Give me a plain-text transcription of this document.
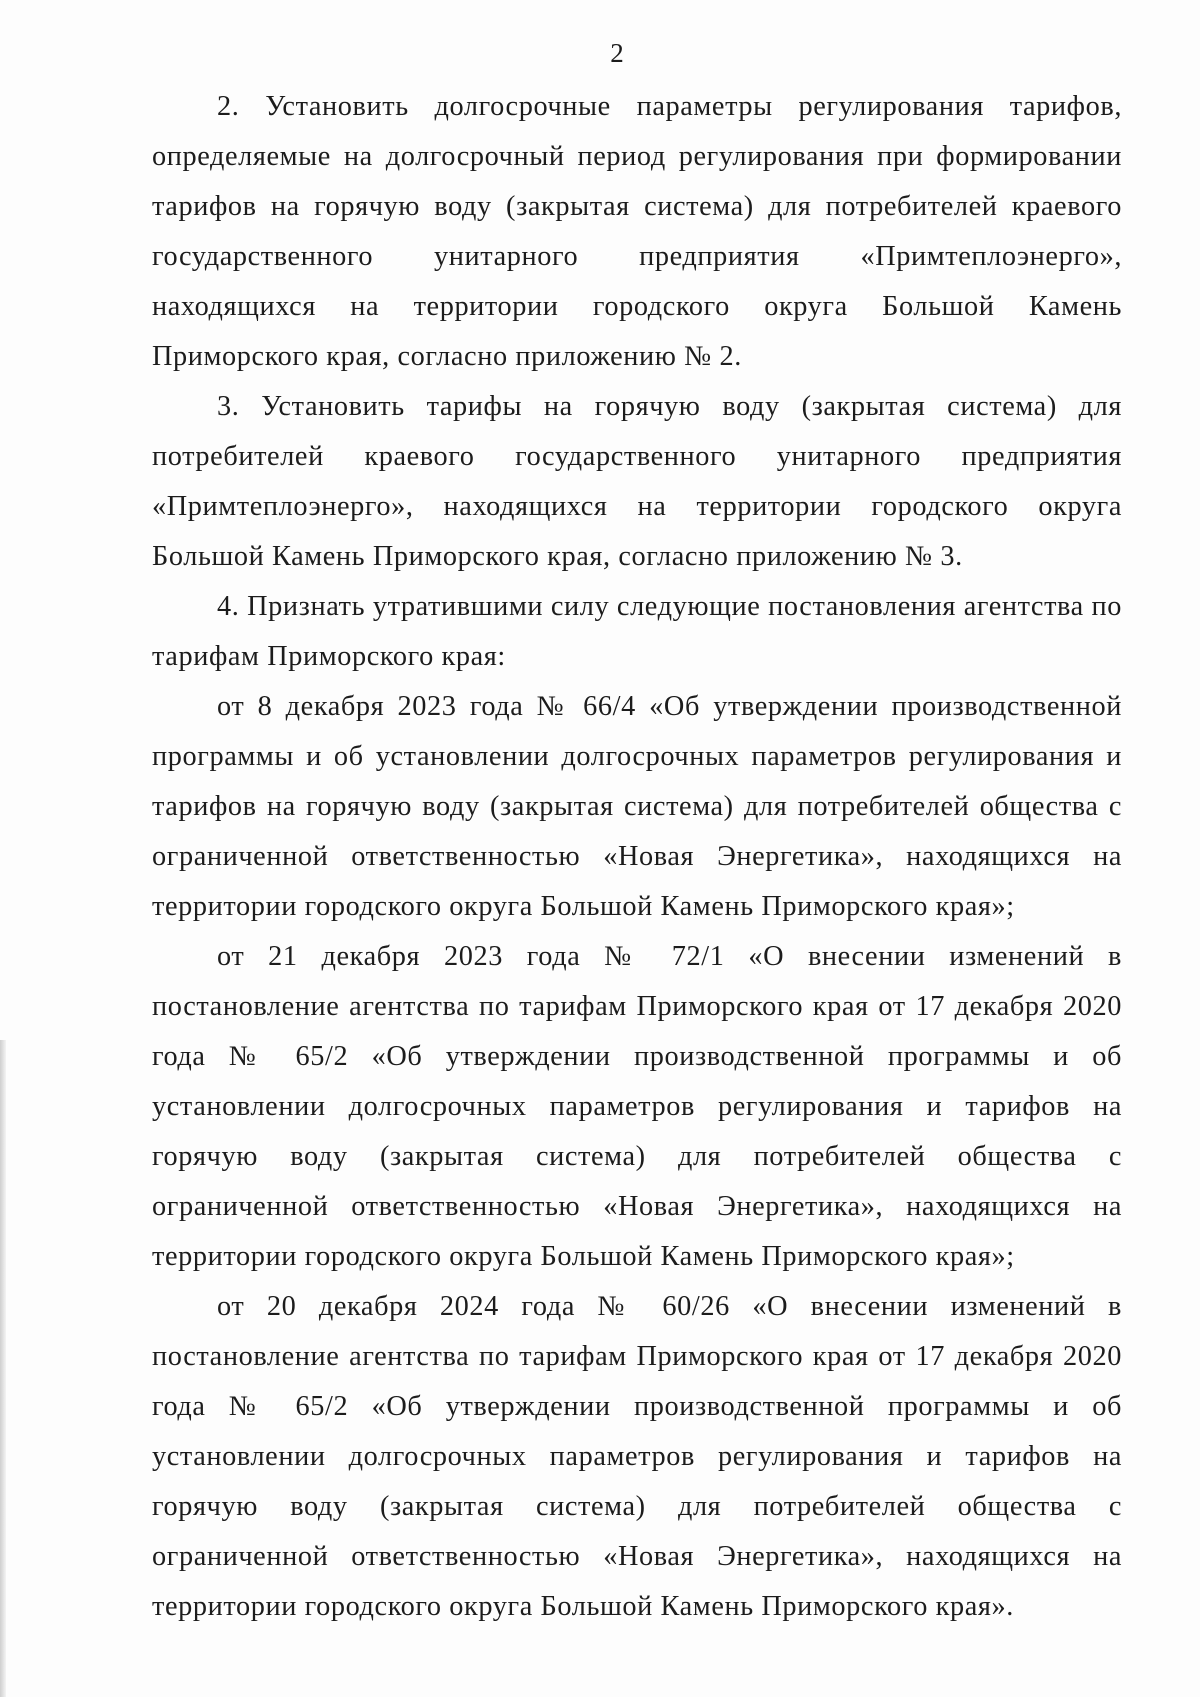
2

2. Установить долгосрочные параметры регулирования тарифов, определяемые на долгосрочный период регулирования при формировании тарифов на горячую воду (закрытая система) для потребителей краевого государственного унитарного предприятия «Примтеплоэнерго», находящихся на территории городского округа Большой Камень Приморского края, согласно приложению № 2.

3. Установить тарифы на горячую воду (закрытая система) для потребителей краевого государственного унитарного предприятия «Примтеплоэнерго», находящихся на территории городского округа Большой Камень Приморского края, согласно приложению № 3.

4. Признать утратившими силу следующие постановления агентства по тарифам Приморского края:

от 8 декабря 2023 года № 66/4 «Об утверждении производственной программы и об установлении долгосрочных параметров регулирования и тарифов на горячую воду (закрытая система) для потребителей общества с ограниченной ответственностью «Новая Энергетика», находящихся на территории городского округа Большой Камень Приморского края»;

от 21 декабря 2023 года № 72/1 «О внесении изменений в постановление агентства по тарифам Приморского края от 17 декабря 2020 года № 65/2 «Об утверждении производственной программы и об установлении долгосрочных параметров регулирования и тарифов на горячую воду (закрытая система) для потребителей общества с ограниченной ответственностью «Новая Энергетика», находящихся на территории городского округа Большой Камень Приморского края»;

от 20 декабря 2024 года № 60/26 «О внесении изменений в постановление агентства по тарифам Приморского края от 17 декабря 2020 года № 65/2 «Об утверждении производственной программы и об установлении долгосрочных параметров регулирования и тарифов на горячую воду (закрытая система) для потребителей общества с ограниченной ответственностью «Новая Энергетика», находящихся на территории городского округа Большой Камень Приморского края».
